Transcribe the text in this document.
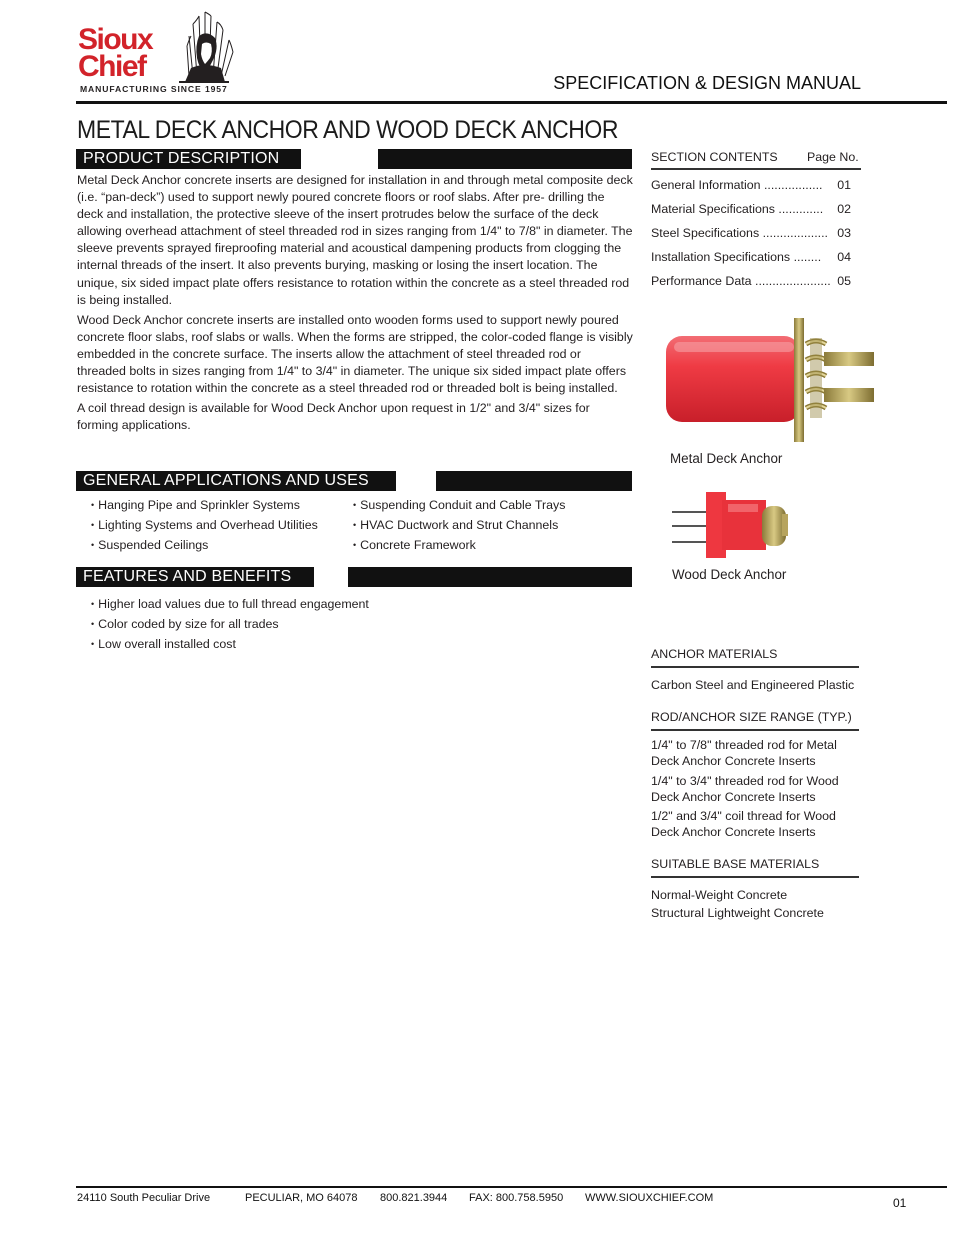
Sioux
Chief
MANUFACTURING SINCE 1957	SPECIFICATION & DESIGN MANUAL
METAL DECK ANCHOR AND WOOD DECK ANCHOR
PRODUCT DESCRIPTION

Metal Deck Anchor concrete inserts are designed for installation in and through metal composite deck (i.e. “pan-deck”) used to support newly poured concrete floors or roof slabs. After pre- drilling the deck and installation, the protective sleeve of the insert protrudes below the surface of the deck allowing overhead attachment of steel threaded rod in sizes ranging from 1/4" to 7/8" in diameter. The sleeve prevents sprayed fireproofing material and acoustical dampening products from clogging the internal threads of the insert. It also prevents burying, masking or losing the insert location. The unique, six sided impact plate offers resistance to rotation within the concrete as a steel threaded rod is being installed.

Wood Deck Anchor concrete inserts are installed onto wooden forms used to support newly poured concrete floor slabs, roof slabs or walls. When the forms are stripped, the color-coded flange is visibly embedded in the concrete surface. The inserts allow the attachment of steel threaded rod or threaded bolts in sizes ranging from 1/4" to 3/4" in diameter. The unique six sided impact plate offers resistance to rotation within the concrete as a steel threaded rod or threaded bolt is being installed.

A coil thread design is available for Wood Deck Anchor upon request in 1/2" and 3/4" sizes for forming applications.

GENERAL APPLICATIONS AND USES
• Hanging Pipe and Sprinkler Systems
• Lighting Systems and Overhead Utilities
• Suspended Ceilings
• Suspending Conduit and Cable Trays
• HVAC Ductwork and Strut Channels
• Concrete Framework
FEATURES AND BENEFITS
• Higher load values due to full thread engagement
• Color coded by size for all trades
• Low overall installed cost
SECTION CONTENTS Page No.
General Information ................. 01
Material Specifications ............. 02
Steel Specifications ................... 03
Installation Specifications ........ 04
Performance Data ...................... 05
Metal Deck Anchor
Wood Deck Anchor
ANCHOR MATERIALS
Carbon Steel and Engineered Plastic
ROD/ANCHOR SIZE RANGE (TYP.)
1/4" to 7/8" threaded rod for Metal Deck Anchor Concrete Inserts
1/4" to 3/4" threaded rod for Wood Deck Anchor Concrete Inserts
1/2" and 3/4" coil thread for Wood Deck Anchor Concrete Inserts
SUITABLE BASE MATERIALS
Normal-Weight Concrete
Structural Lightweight Concrete
24110 South Peculiar Drive	PECULIAR, MO 64078 800.821.3944 FAX: 800.758.5950 WWW.SIOUXCHIEF.COM	01
